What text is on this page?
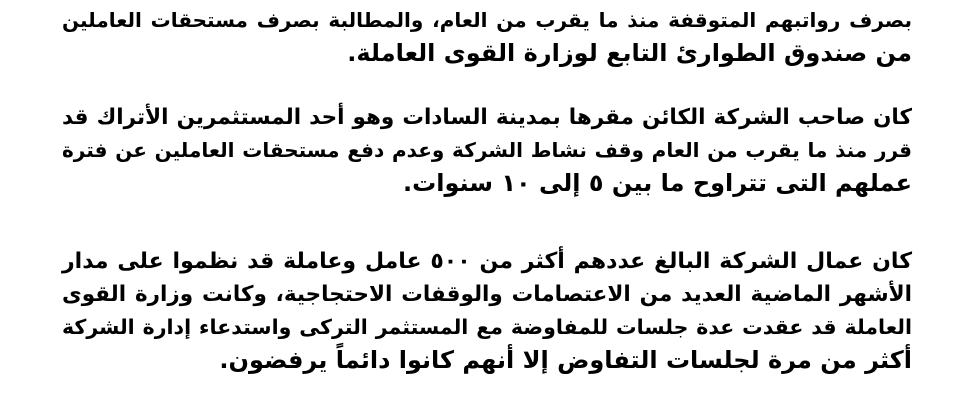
بصرف رواتبهم المتوقفة منذ ما يقرب من العام، والمطالبة بصرف مستحقات العاملين
من صندوق الطوارئ التابع لوزارة القوى العاملة.
كان صاحب الشركة الكائن مقرها بمدينة السادات وهو أحد المستثمرين الأتراك قد
قرر منذ ما يقرب من العام وقف نشاط الشركة وعدم دفع مستحقات العاملين عن فترة
عملهم التى تتراوح ما بين ٥ إلى ١٠ سنوات.
كان عمال الشركة البالغ عددهم أكثر من ٥٠٠ عامل وعاملة قد نظموا على مدار
الأشهر الماضية العديد من الاعتصامات والوقفات الاحتجاجية، وكانت وزارة القوى
العاملة قد عقدت عدة جلسات للمفاوضة مع المستثمر التركى واستدعاء إدارة الشركة
أكثر من مرة لجلسات التفاوض إلا أنهم كانوا دائماً يرفضون.
